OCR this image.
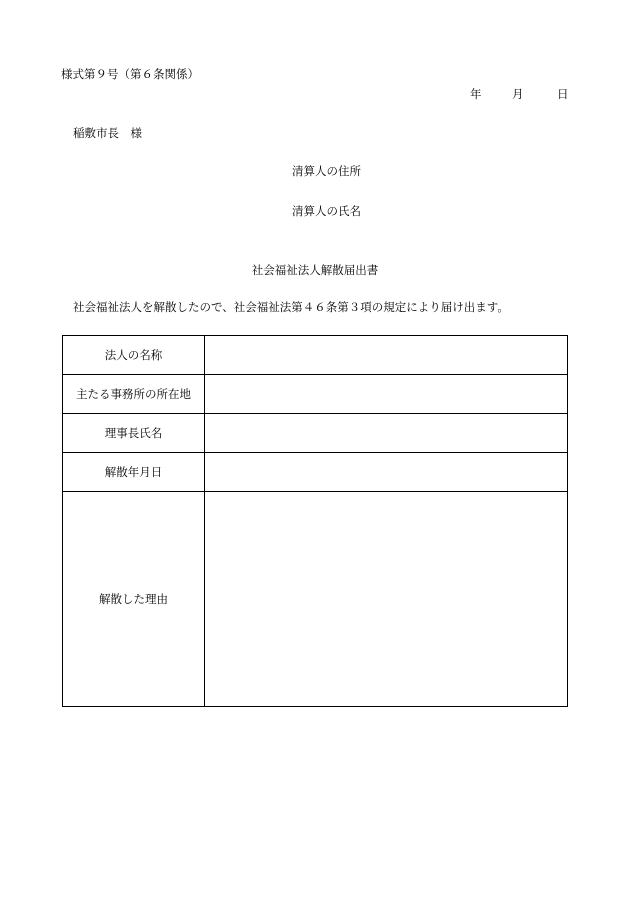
様式第９号（第６条関係）
年	月	日
稲敷市長　様
清算人の住所
清算人の氏名
社会福祉法人解散届出書
社会福祉法人を解散したので、社会福祉法第４６条第３項の規定により届け出ます。
法人の名称	
主たる事務所の所在地	
理事長氏名	
解散年月日	
解散した理由	
